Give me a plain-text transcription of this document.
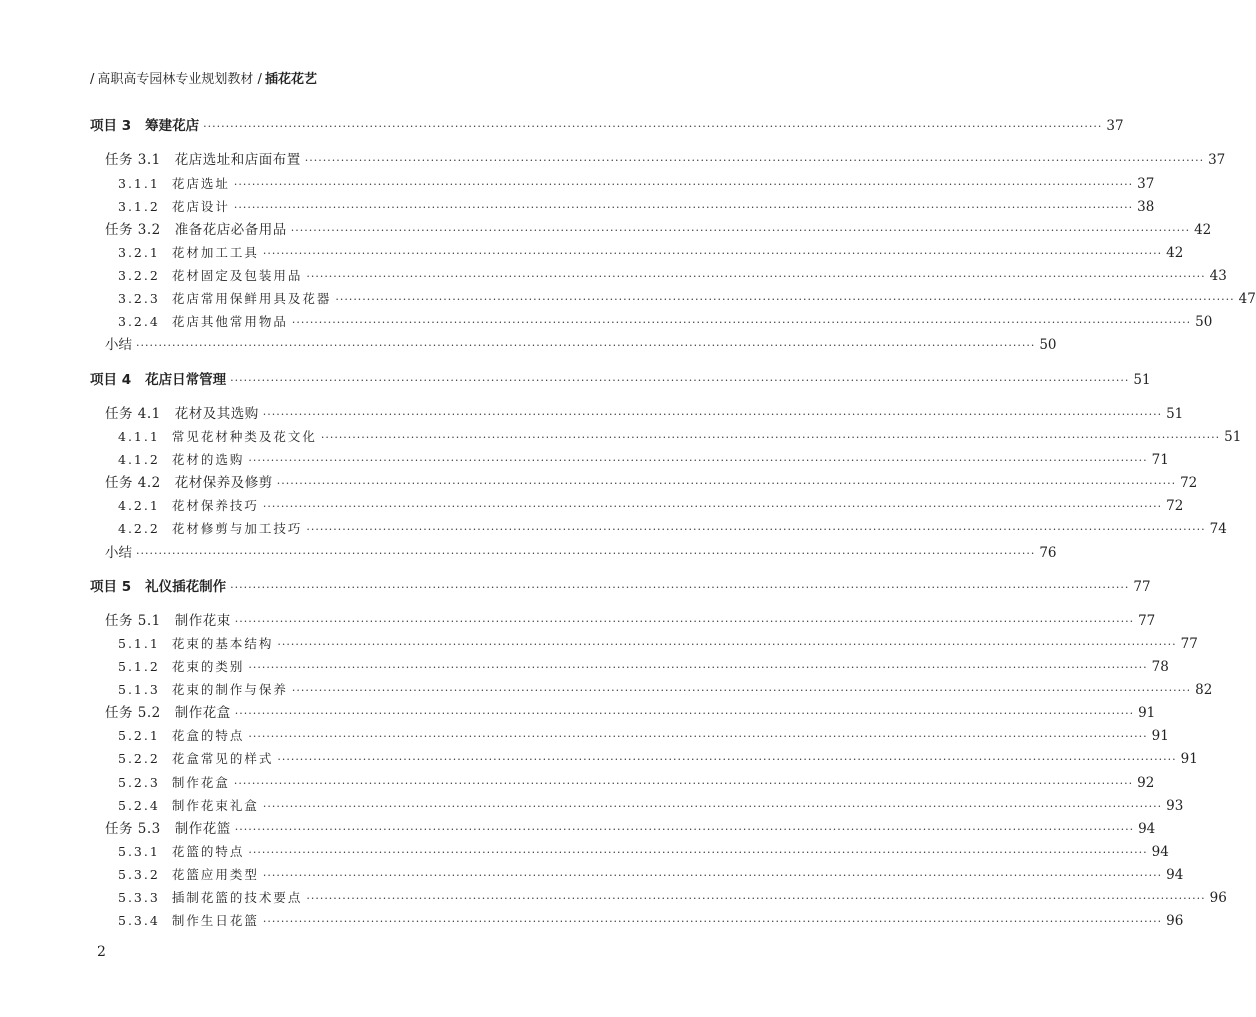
/ 高职高专园林专业规划教材 / 插花花艺
项目 3 筹建花店 ········································································································································································································ 37
任务 3.1 花店选址和店面布置 ········································································································································································································ 37
3.1.1 花店选址 ········································································································································································································ 37
3.1.2 花店设计 ········································································································································································································ 38
任务 3.2 准备花店必备用品 ········································································································································································································ 42
3.2.1 花材加工工具 ········································································································································································································ 42
3.2.2 花材固定及包装用品 ········································································································································································································ 43
3.2.3 花店常用保鲜用具及花器 ········································································································································································································ 47
3.2.4 花店其他常用物品 ········································································································································································································ 50
小结 ········································································································································································································ 50
项目 4 花店日常管理 ········································································································································································································ 51
任务 4.1 花材及其选购 ········································································································································································································ 51
4.1.1 常见花材种类及花文化 ········································································································································································································ 51
4.1.2 花材的选购 ········································································································································································································ 71
任务 4.2 花材保养及修剪 ········································································································································································································ 72
4.2.1 花材保养技巧 ········································································································································································································ 72
4.2.2 花材修剪与加工技巧 ········································································································································································································ 74
小结 ········································································································································································································ 76
项目 5 礼仪插花制作 ········································································································································································································ 77
任务 5.1 制作花束 ········································································································································································································ 77
5.1.1 花束的基本结构 ········································································································································································································ 77
5.1.2 花束的类别 ········································································································································································································ 78
5.1.3 花束的制作与保养 ········································································································································································································ 82
任务 5.2 制作花盒 ········································································································································································································ 91
5.2.1 花盒的特点 ········································································································································································································ 91
5.2.2 花盒常见的样式 ········································································································································································································ 91
5.2.3 制作花盒 ········································································································································································································ 92
5.2.4 制作花束礼盒 ········································································································································································································ 93
任务 5.3 制作花篮 ········································································································································································································ 94
5.3.1 花篮的特点 ········································································································································································································ 94
5.3.2 花篮应用类型 ········································································································································································································ 94
5.3.3 插制花篮的技术要点 ········································································································································································································ 96
5.3.4 制作生日花篮 ········································································································································································································ 96
2
